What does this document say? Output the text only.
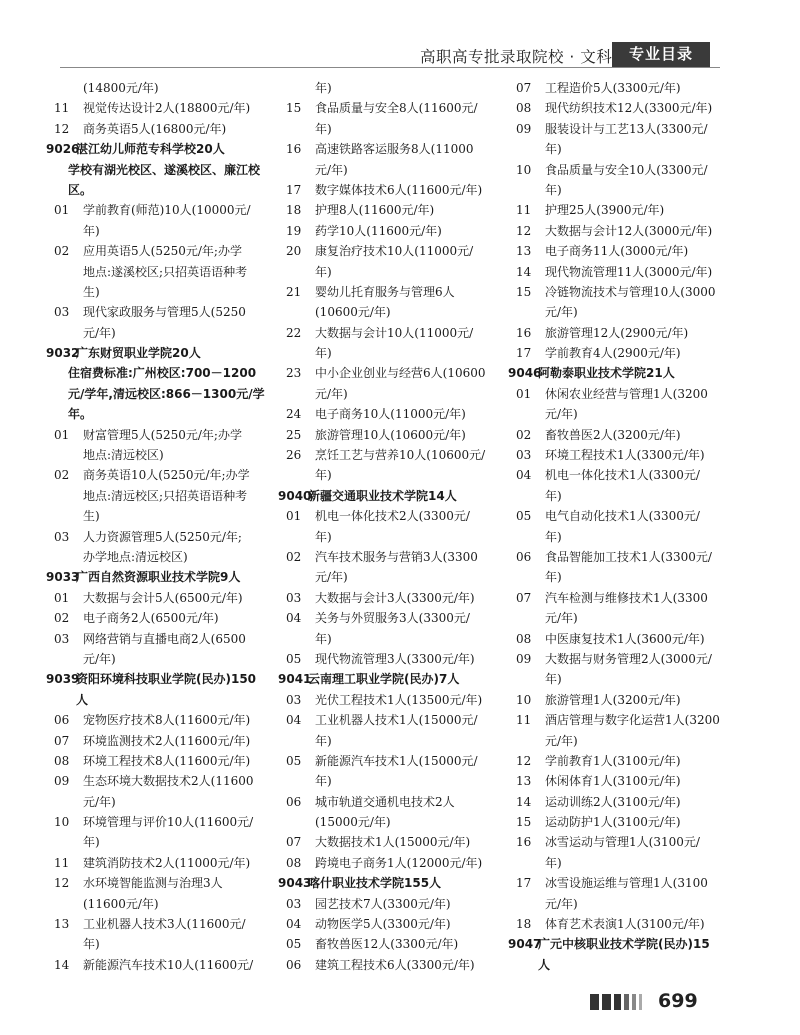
高职高专批录取院校 · 文科	专业目录
(14800元/年)
11	视觉传达设计2人(18800元/年)
12	商务英语5人(16800元/年)
9026
湛江幼儿师范专科学校20人
学校有湖光校区、遂溪校区、廉江校
区。
01	学前教育(师范)10人(10000元/
年)
02	应用英语5人(5250元/年;办学
地点:遂溪校区;只招英语语种考
生)
03	现代家政服务与管理5人(5250
元/年)
9032
广东财贸职业学院20人
住宿费标准:广州校区:700－1200
元/学年,清远校区:866－1300元/学
年。
01	财富管理5人(5250元/年;办学
地点:清远校区)
02	商务英语10人(5250元/年;办学
地点:清远校区;只招英语语种考
生)
03	人力资源管理5人(5250元/年;
办学地点:清远校区)
9033
广西自然资源职业技术学院9人
01	大数据与会计5人(6500元/年)
02	电子商务2人(6500元/年)
03	网络营销与直播电商2人(6500
元/年)
9039
资阳环境科技职业学院(民办)150
人
06	宠物医疗技术8人(11600元/年)
07	环境监测技术2人(11600元/年)
08	环境工程技术8人(11600元/年)
09	生态环境大数据技术2人(11600
元/年)
10	环境管理与评价10人(11600元/
年)
11	建筑消防技术2人(11000元/年)
12	水环境智能监测与治理3人
(11600元/年)
13	工业机器人技术3人(11600元/
年)
14	新能源汽车技术10人(11600元/
年)
15	食品质量与安全8人(11600元/
年)
16	高速铁路客运服务8人(11000
元/年)
17	数字媒体技术6人(11600元/年)
18	护理8人(11600元/年)
19	药学10人(11600元/年)
20	康复治疗技术10人(11000元/
年)
21	婴幼儿托育服务与管理6人
(10600元/年)
22	大数据与会计10人(11000元/
年)
23	中小企业创业与经营6人(10600
元/年)
24	电子商务10人(11000元/年)
25	旅游管理10人(10600元/年)
26	烹饪工艺与营养10人(10600元/
年)
9040
新疆交通职业技术学院14人
01	机电一体化技术2人(3300元/
年)
02	汽车技术服务与营销3人(3300
元/年)
03	大数据与会计3人(3300元/年)
04	关务与外贸服务3人(3300元/
年)
05	现代物流管理3人(3300元/年)
9041
云南理工职业学院(民办)7人
03	光伏工程技术1人(13500元/年)
04	工业机器人技术1人(15000元/
年)
05	新能源汽车技术1人(15000元/
年)
06	城市轨道交通机电技术2人
(15000元/年)
07	大数据技术1人(15000元/年)
08	跨境电子商务1人(12000元/年)
9043
喀什职业技术学院155人
03	园艺技术7人(3300元/年)
04	动物医学5人(3300元/年)
05	畜牧兽医12人(3300元/年)
06	建筑工程技术6人(3300元/年)
07	工程造价5人(3300元/年)
08	现代纺织技术12人(3300元/年)
09	服装设计与工艺13人(3300元/
年)
10	食品质量与安全10人(3300元/
年)
11	护理25人(3900元/年)
12	大数据与会计12人(3000元/年)
13	电子商务11人(3000元/年)
14	现代物流管理11人(3000元/年)
15	冷链物流技术与管理10人(3000
元/年)
16	旅游管理12人(2900元/年)
17	学前教育4人(2900元/年)
9046
阿勒泰职业技术学院21人
01	休闲农业经营与管理1人(3200
元/年)
02	畜牧兽医2人(3200元/年)
03	环境工程技术1人(3300元/年)
04	机电一体化技术1人(3300元/
年)
05	电气自动化技术1人(3300元/
年)
06	食品智能加工技术1人(3300元/
年)
07	汽车检测与维修技术1人(3300
元/年)
08	中医康复技术1人(3600元/年)
09	大数据与财务管理2人(3000元/
年)
10	旅游管理1人(3200元/年)
11	酒店管理与数字化运营1人(3200
元/年)
12	学前教育1人(3100元/年)
13	休闲体育1人(3100元/年)
14	运动训练2人(3100元/年)
15	运动防护1人(3100元/年)
16	冰雪运动与管理1人(3100元/
年)
17	冰雪设施运维与管理1人(3100
元/年)
18	体育艺术表演1人(3100元/年)
9047
广元中核职业技术学院(民办)15
人
699
